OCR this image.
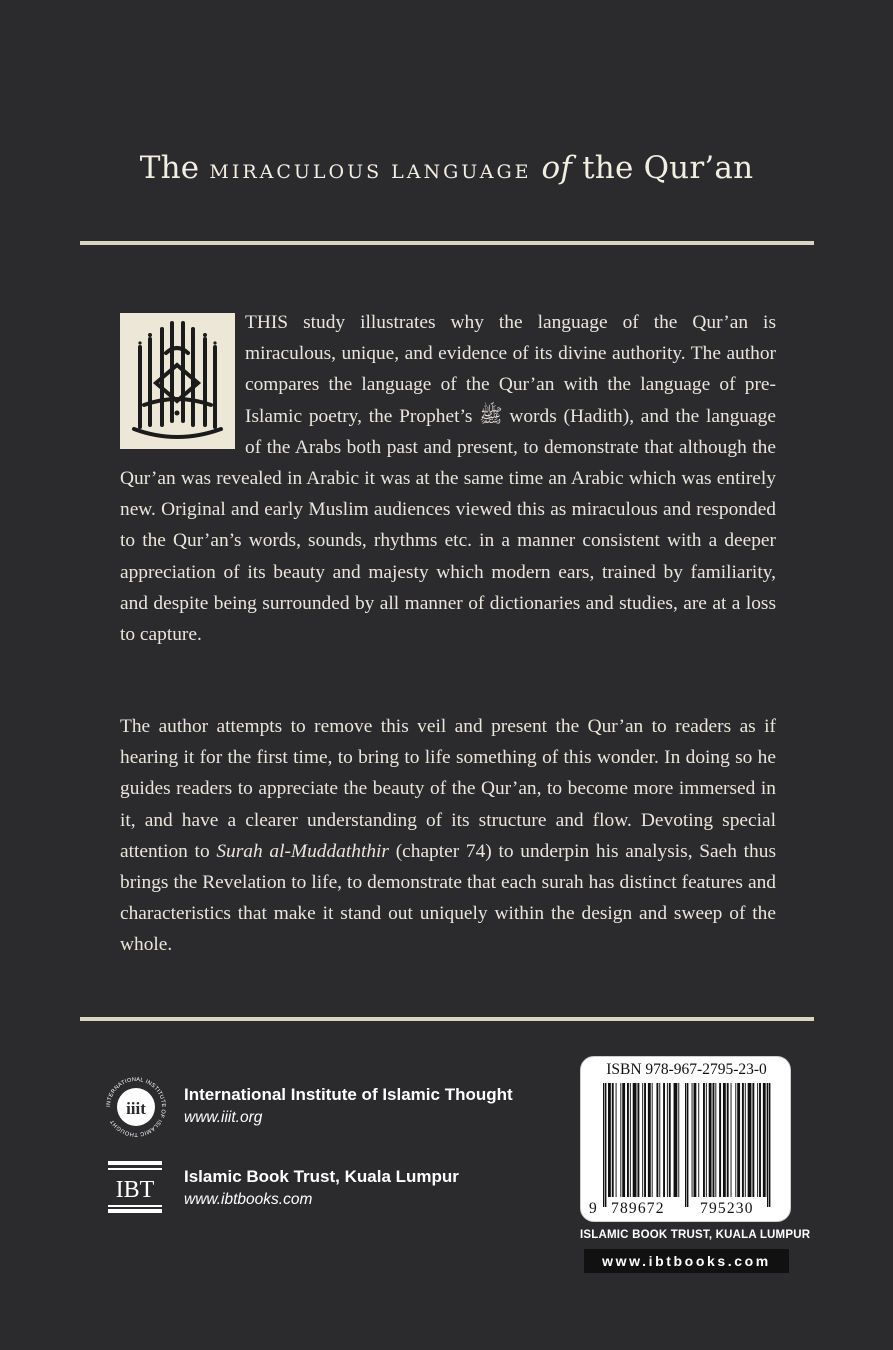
The MIRACULOUS LANGUAGE of the Qur’an
THIS study illustrates why the language of the Qur’an is miraculous, unique, and evidence of its divine authority. The author compares the language of the Qur’an with the language of pre-Islamic poetry, the Prophet’s ﷺ words (Hadith), and the language of the Arabs both past and present, to demonstrate that although the Qur’an was revealed in Arabic it was at the same time an Arabic which was entirely new. Original and early Muslim audiences viewed this as miraculous and responded to the Qur’an’s words, sounds, rhythms etc. in a manner consistent with a deeper appreciation of its beauty and majesty which modern ears, trained by familiarity, and despite being surrounded by all manner of dictionaries and studies, are at a loss to capture.
The author attempts to remove this veil and present the Qur’an to readers as if hearing it for the first time, to bring to life something of this wonder. In doing so he guides readers to appreciate the beauty of the Qur’an, to become more immersed in it, and have a clearer understanding of its structure and flow. Devoting special attention to Surah al-Muddaththir (chapter 74) to underpin his analysis, Saeh thus brings the Revelation to life, to demonstrate that each surah has distinct features and characteristics that make it stand out uniquely within the design and sweep of the whole.
INTERNATIONAL INSTITUTE OF ISLAMIC THOUGHT
iiit
International Institute of Islamic Thought
www.iiit.org
IBT
Islamic Book Trust, Kuala Lumpur
www.ibtbooks.com
ISBN 978-967-2795-23-0
9 789672 795230
ISLAMIC BOOK TRUST, KUALA LUMPUR
www.ibtbooks.com
